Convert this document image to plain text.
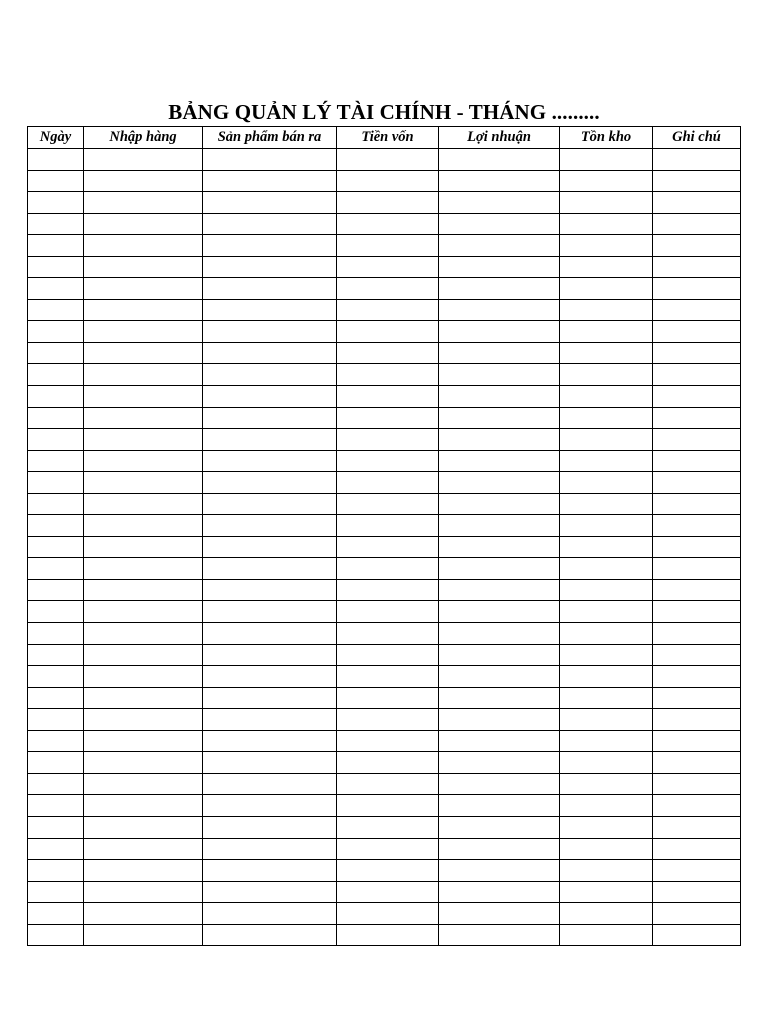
BẢNG QUẢN LÝ TÀI CHÍNH - THÁNG .........
Ngày	Nhập hàng	Sản phẩm bán ra	Tiền vốn	Lợi nhuận	Tồn kho	Ghi chú
